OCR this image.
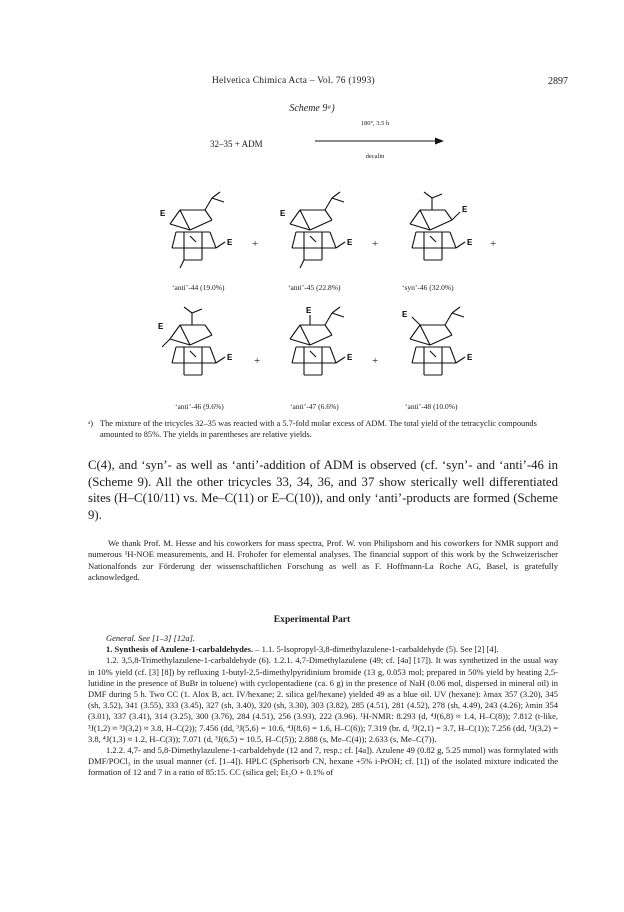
Helvetica Chimica Acta – Vol. 76 (1993)	2897
Scheme 9ᵃ)
32–35 + ADM
180°, 3.5 h
decalin
E
E +
E
E +
E
E +
‘anti’-44 (19.0%)	‘anti’-45 (22.8%)	‘syn’-46 (32.0%)
E
E +
E
E +
E
E
‘anti’-46 (9.6%)	‘anti’-47 (6.6%)	‘anti’-48 (10.0%)
ᵃ) The mixture of the tricycles 32–35 was reacted with a 5.7-fold molar excess of ADM. The total yield of the tetracyclic compounds amounted to 85%. The yields in parentheses are relative yields.
C(4), and ‘syn’- as well as ‘anti’-addition of ADM is observed (cf. ‘syn’- and ‘anti’-46 in (Scheme 9). All the other tricycles 33, 34, 36, and 37 show sterically well differentiated sites (H–C(10/11) vs. Me–C(11) or E–C(10)), and only ‘anti’-products are formed (Scheme 9).
We thank Prof. M. Hesse and his coworkers for mass spectra, Prof. W. von Philipsborn and his coworkers for NMR support and numerous ¹H-NOE measurements, and H. Frohofer for elemental analyses. The financial support of this work by the Schweizerischer Nationalfonds zur Förderung der wissenschaftlichen Forschung as well as F. Hoffmann-La Roche AG, Basel, is gratefully acknowledged.
Experimental Part

General. See [1–3] [12a].

1. Synthesis of Azulene-1-carbaldehydes. – 1.1. 5-Isopropyl-3,8-dimethylazulene-1-carbaldehyde (5). See [2] [4].

1.2. 3,5,8-Trimethylazulene-1-carbaldehyde (6). 1.2.1. 4,7-Dimethylazulene (49; cf. [4a] [17]). It was synthetized in the usual way in 10% yield (cf. [3] [8]) by refluxing 1-butyl-2,5-dimethylpyridinium bromide (13 g, 0.053 mol; prepared in 50% yield by heating 2,5-lutidine in the presence of BuBr in toluene) with cyclopentadiene (ca. 6 g) in the presence of NaH (0.06 mol, dispersed in mineral oil) in DMF during 5 h. Two CC (1. Alox B, act. IV/hexane; 2. silica gel/hexane) yielded 49 as a blue oil. UV (hexane): λmax 357 (3.20), 345 (sh, 3.52), 341 (3.55), 333 (3.45), 327 (sh, 3.40), 320 (sh, 3.30), 303 (3.82), 285 (4.51), 281 (4.52), 278 (sh, 4.49), 243 (4.26); λmin 354 (3.01), 337 (3.41), 314 (3.25), 300 (3.76), 284 (4.51), 256 (3.93), 222 (3.96). ¹H-NMR: 8.293 (d, ⁴J(6,8) ≈ 1.4, H–C(8)); 7.812 (t-like, ³J(1,2) ≈ ³J(3,2) ≈ 3.8, H–C(2)); 7.456 (dd, ³J(5,6) = 10.6, ⁴J(8,6) = 1.6, H–C(6)); 7.319 (br. d, ³J(2,1) = 3.7, H–C(1)); 7.256 (dd, ³J(3,2) = 3.8, ⁴J(1,3) ≈ 1.2, H–C(3)); 7.071 (d, ³J(6,5) = 10.5, H–C(5)); 2.888 (s, Me–C(4)); 2.633 (s, Me–C(7)).

1.2.2. 4,7- and 5,8-Dimethylazulene-1-carbaldehyde (12 and 7, resp.; cf. [4a]). Azulene 49 (0.82 g, 5.25 mmol) was formylated with DMF/POCl₃ in the usual manner (cf. [1–4]). HPLC (Spherisorb CN, hexane +5% i-PrOH; cf. [1]) of the isolated mixture indicated the formation of 12 and 7 in a ratio of 85:15. CC (silica gel; Et₂O + 0.1% of
